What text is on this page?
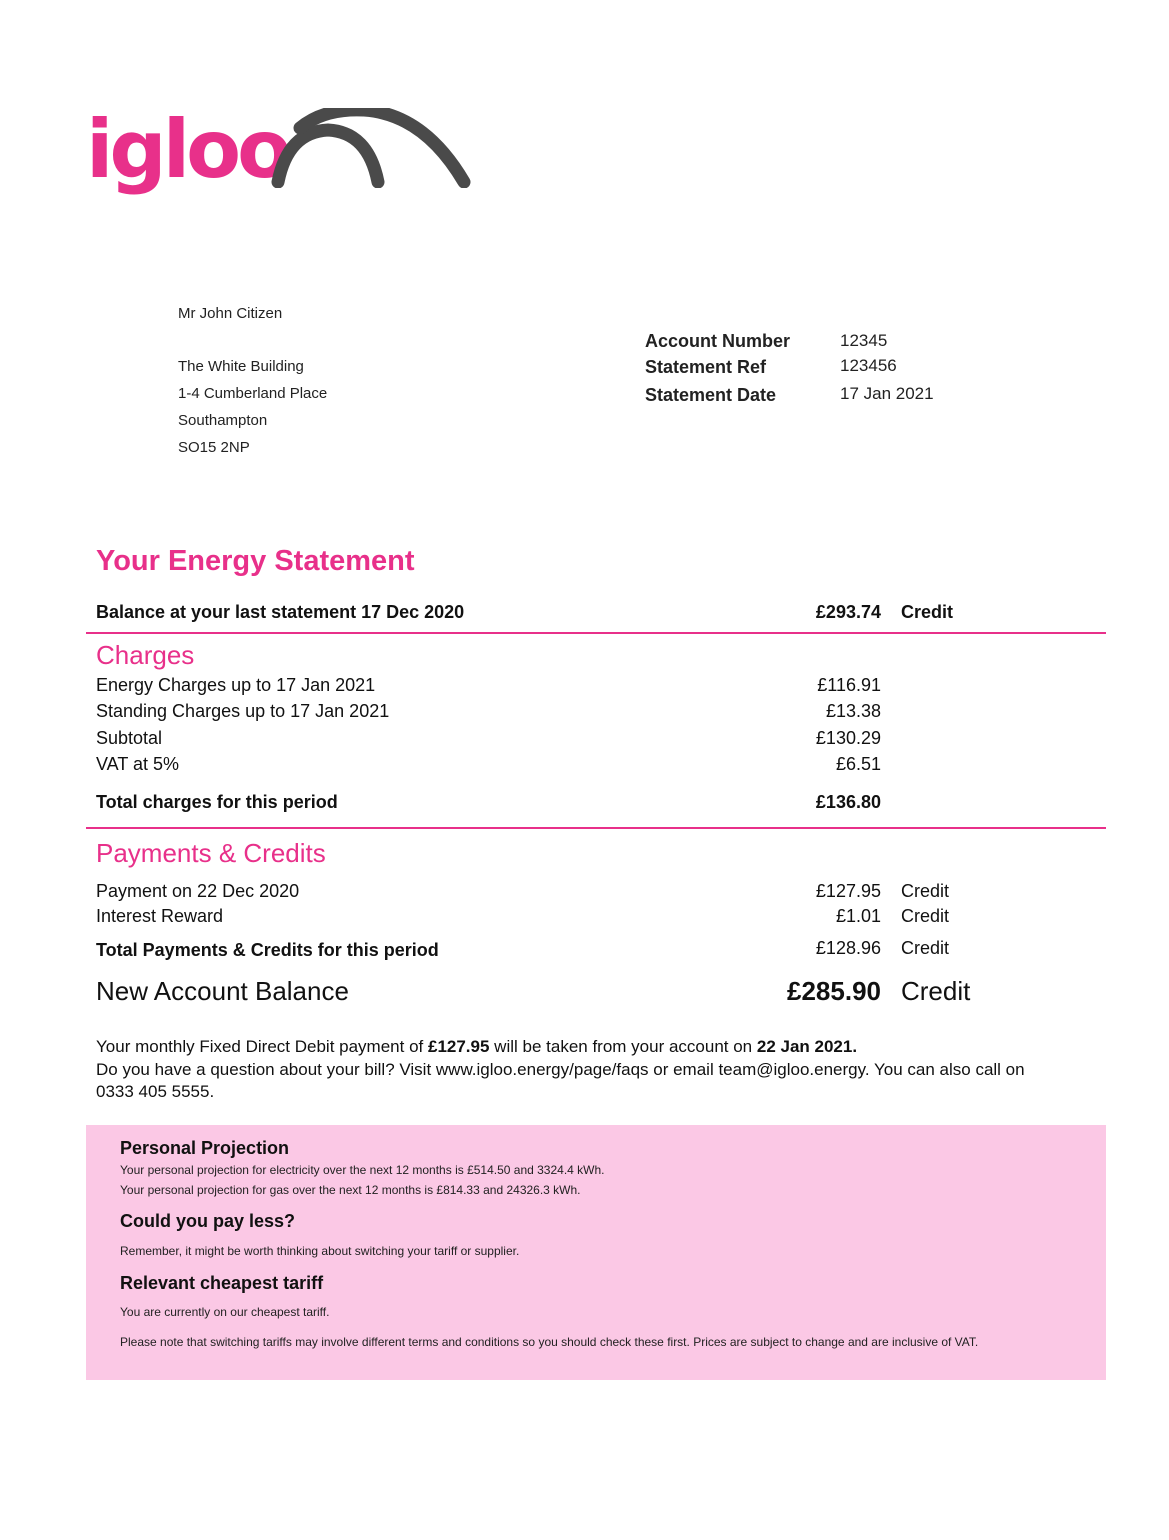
igloo
Mr John Citizen
The White Building
1-4 Cumberland Place
Southampton
SO15 2NP
Account Number	12345
Statement Ref	123456
Statement Date	17 Jan 2021
Your Energy Statement
Balance at your last statement 17 Dec 2020	£293.74 Credit
Charges
Energy Charges up to 17 Jan 2021	£116.91
Standing Charges up to 17 Jan 2021	£13.38
Subtotal	£130.29
VAT at 5%	£6.51
Total charges for this period	£136.80
Payments & Credits
Payment on 22 Dec 2020	£127.95 Credit
Interest Reward	£1.01 Credit
Total Payments & Credits for this period	£128.96 Credit
New Account Balance	£285.90 Credit
Your monthly Fixed Direct Debit payment of £127.95 will be taken from your account on 22 Jan 2021.
Do you have a question about your bill? Visit www.igloo.energy/page/faqs or email team@igloo.energy. You can also call on 0333 405 5555.
Personal Projection
Your personal projection for electricity over the next 12 months is £514.50 and 3324.4 kWh.
Your personal projection for gas over the next 12 months is £814.33 and 24326.3 kWh.
Could you pay less?
Remember, it might be worth thinking about switching your tariff or supplier.
Relevant cheapest tariff
You are currently on our cheapest tariff.
Please note that switching tariffs may involve different terms and conditions so you should check these first. Prices are subject to change and are inclusive of VAT.
